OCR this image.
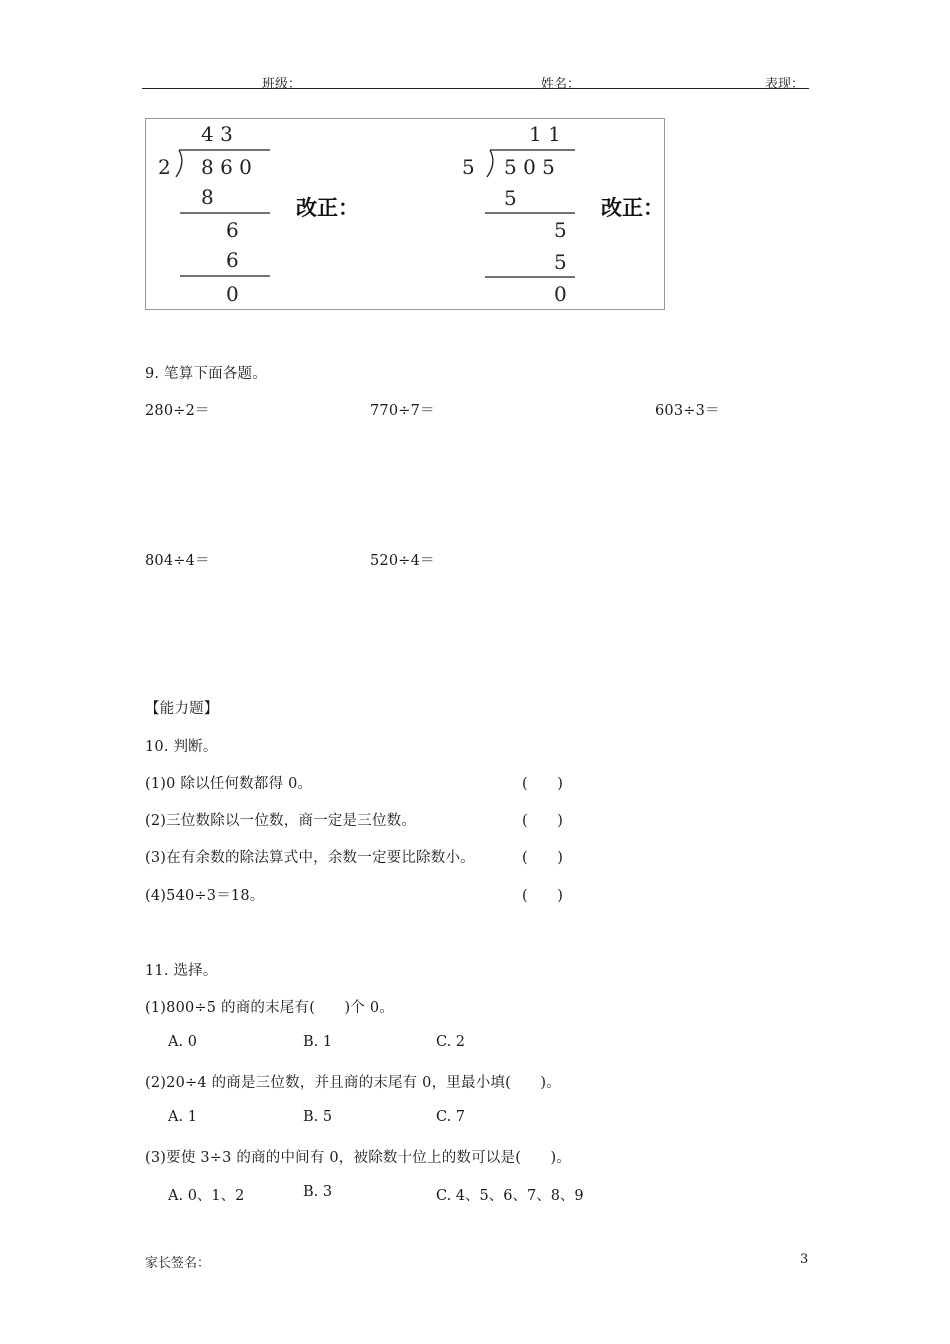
班级：	姓名：	表现：
4 3
2 8 6 0
8
6
6
0
改正：
1 1
5 5 0 5
5
5
5
0
改正：
9. 笔算下面各题。
280÷2＝	770÷7＝	603÷3＝
804÷4＝	520÷4＝
【能力题】
10. 判断。
(1)0 除以任何数都得 0。	(　　)
(2)三位数除以一位数，商一定是三位数。	(　　)
(3)在有余数的除法算式中，余数一定要比除数小。	(　　)
(4)540÷3＝18。	(　　)
11. 选择。
(1)800÷5 的商的末尾有(　　)个 0。
A. 0	B. 1	C. 2
(2)20÷4 的商是三位数，并且商的末尾有 0，里最小填(　　)。
A. 1	B. 5	C. 7
(3)要使 3÷3 的商的中间有 0，被除数十位上的数可以是(　　)。
A. 0、1、2	B. 3	C. 4、5、6、7、8、9
家长签名：	3
